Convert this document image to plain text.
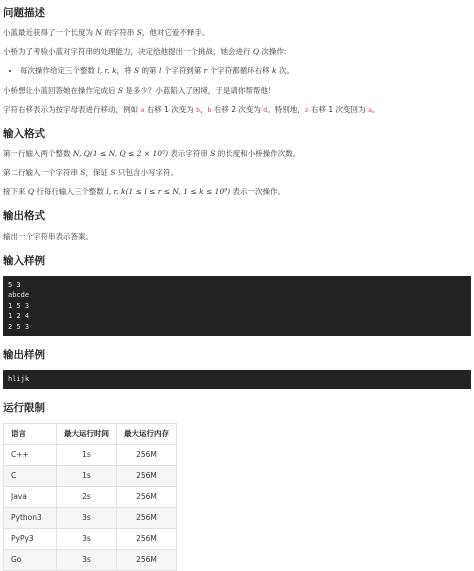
问题描述

小蓝最近获得了一个长度为 N 的字符串 S，他对它爱不释手。

小桥为了考验小蓝对字符串的处理能力，决定给他提出一个挑战，她会进行 Q 次操作：

• 每次操作给定三个整数 l, r, k，将 S 的第 l 个字符到第 r 个字符都循环右移 k 次。

小桥想让小蓝回答她在操作完成后 S 是多少？小蓝陷入了困境，于是请你帮帮他！

字符右移表示为按字母表进行移动，例如 a 右移 1 次变为 b，b 右移 2 次变为 d。特别地，z 右移 1 次变回为 a。

输入格式

第一行输入两个整数 N, Q(1 ≤ N, Q ≤ 2 × 10⁵) 表示字符串 S 的长度和小桥操作次数。

第二行输入一个字符串 S，保证 S 只包含小写字符。

接下来 Q 行每行输入三个整数 l, r, k(1 ≤ l ≤ r ≤ N, 1 ≤ k ≤ 10⁹) 表示一次操作。

输出格式

输出一个字符串表示答案。

输入样例
5 3
abcde
1 5 3
1 2 4
2 5 3
输出样例
hlijk
运行限制
语言	最大运行时间	最大运行内存
C++	1s	256M
C	1s	256M
Java	2s	256M
Python3	3s	256M
PyPy3	3s	256M
Go	3s	256M
